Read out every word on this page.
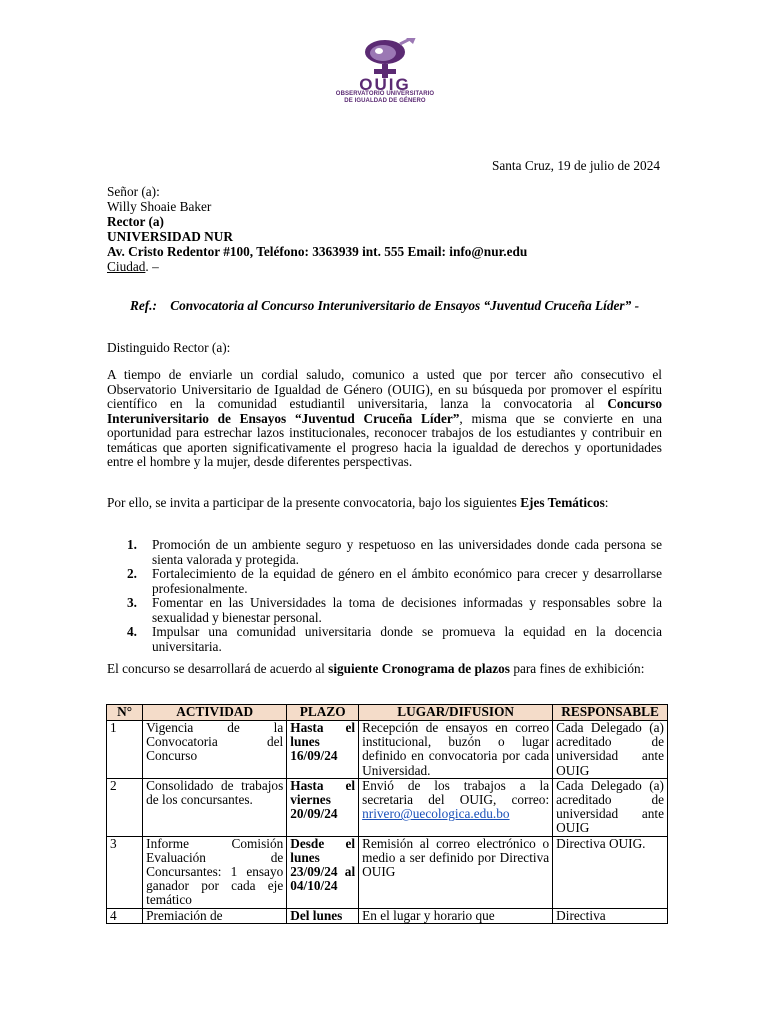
OUIG
OBSERVATORIO UNIVERSITARIO
DE IGUALDAD DE GÉNERO
Santa Cruz, 19 de julio de 2024
Señor (a):
Willy Shoaie Baker
Rector (a)
UNIVERSIDAD NUR
Av. Cristo Redentor #100, Teléfono: 3363939 int. 555 Email: info@nur.edu
Ciudad. –
Ref.: Convocatoria al Concurso Interuniversitario de Ensayos “Juventud Cruceña Líder” -
Distinguido Rector (a):
A tiempo de enviarle un cordial saludo, comunico a usted que por tercer año consecutivo el Observatorio Universitario de Igualdad de Género (OUIG), en su búsqueda por promover el espíritu científico en la comunidad estudiantil universitaria, lanza la convocatoria al Concurso Interuniversitario de Ensayos “Juventud Cruceña Líder”, misma que se convierte en una oportunidad para estrechar lazos institucionales, reconocer trabajos de los estudiantes y contribuir en temáticas que aporten significativamente el progreso hacia la igualdad de derechos y oportunidades entre el hombre y la mujer, desde diferentes perspectivas.
Por ello, se invita a participar de la presente convocatoria, bajo los siguientes Ejes Temáticos:
1. Promoción de un ambiente seguro y respetuoso en las universidades donde cada persona se sienta valorada y protegida.
2. Fortalecimiento de la equidad de género en el ámbito económico para crecer y desarrollarse profesionalmente.
3. Fomentar en las Universidades la toma de decisiones informadas y responsables sobre la sexualidad y bienestar personal.
4. Impulsar una comunidad universitaria donde se promueva la equidad en la docencia universitaria.
El concurso se desarrollará de acuerdo al siguiente Cronograma de plazos para fines de exhibición:
N°	ACTIVIDAD	PLAZO	LUGAR/DIFUSION	RESPONSABLE
1	Vigencia de la Convocatoria del Concurso	Hasta el lunes 16/09/24	Recepción de ensayos en correo institucional, buzón o lugar definido en convocatoria por cada Universidad.	Cada Delegado (a) acreditado de universidad ante OUIG
2	Consolidado de trabajos de los concursantes.	Hasta el viernes 20/09/24	Envió de los trabajos a la secretaria del OUIG, correo: nrivero@uecologica.edu.bo	Cada Delegado (a) acreditado de universidad ante OUIG
3	Informe Comisión Evaluación de Concursantes: 1 ensayo ganador por cada eje temático	Desde el lunes 23/09/24 al 04/10/24	Remisión al correo electrónico o medio a ser definido por Directiva OUIG	Directiva OUIG.
4	Premiación de	Del lunes	En el lugar y horario que	Directiva
